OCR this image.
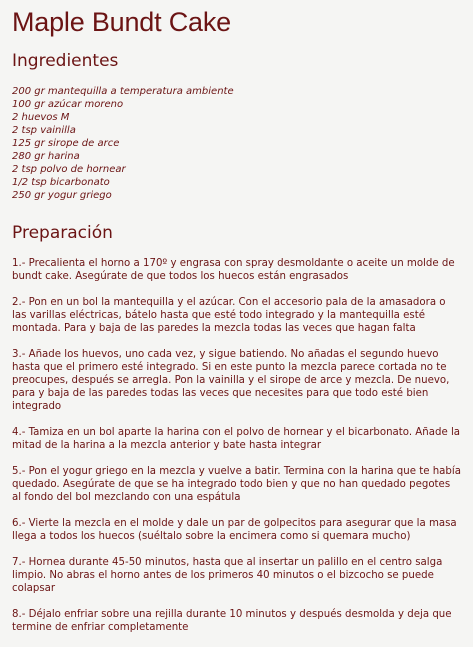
Maple Bundt Cake
Ingredientes
200 gr mantequilla a temperatura ambiente
100 gr azúcar moreno
2 huevos M
2 tsp vainilla
125 gr sirope de arce
280 gr harina
2 tsp polvo de hornear
1/2 tsp bicarbonato
250 gr yogur griego
Preparación
1.- Precalienta el horno a 170º y engrasa con spray desmoldante o aceite un molde de bundt cake. Asegúrate de que todos los huecos están engrasados
2.- Pon en un bol la mantequilla y el azúcar. Con el accesorio pala de la amasadora o las varillas eléctricas, bátelo hasta que esté todo integrado y la mantequilla esté montada. Para y baja de las paredes la mezcla todas las veces que hagan falta
3.- Añade los huevos, uno cada vez, y sigue batiendo. No añadas el segundo huevo hasta que el primero esté integrado. Si en este punto la mezcla parece cortada no te preocupes, después se arregla. Pon la vainilla y el sirope de arce y mezcla. De nuevo, para y baja de las paredes todas las veces que necesites para que todo esté bien integrado
4.- Tamiza en un bol aparte la harina con el polvo de hornear y el bicarbonato. Añade la mitad de la harina a la mezcla anterior y bate hasta integrar
5.- Pon el yogur griego en la mezcla y vuelve a batir. Termina con la harina que te había quedado. Asegúrate de que se ha integrado todo bien y que no han quedado pegotes al fondo del bol mezclando con una espátula
6.- Vierte la mezcla en el molde y dale un par de golpecitos para asegurar que la masa llega a todos los huecos (suéltalo sobre la encimera como si quemara mucho)
7.- Hornea durante 45-50 minutos, hasta que al insertar un palillo en el centro salga limpio. No abras el horno antes de los primeros 40 minutos o el bizcocho se puede colapsar
8.- Déjalo enfriar sobre una rejilla durante 10 minutos y después desmolda y deja que termine de enfriar completamente
